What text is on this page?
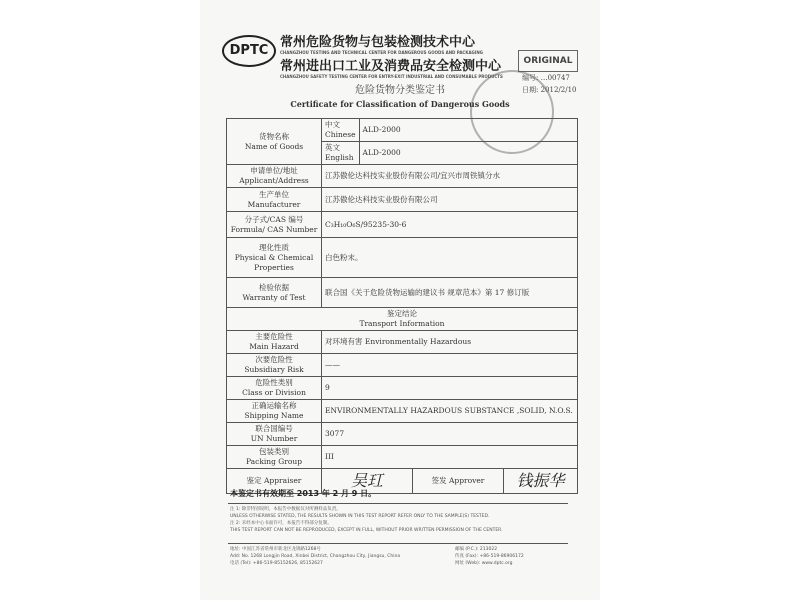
DPTC
常州危险货物与包装检测技术中心
CHANGZHOU TESTING AND TECHNICAL CENTER FOR DANGEROUS GOODS AND PACKAGING
常州进出口工业及消费品安全检测中心
CHANGZHOU SAFETY TESTING CENTER FOR ENTRY-EXIT INDUSTRIAL AND CONSUMABLE PRODUCTS
ORIGINAL
危险货物分类鉴定书
Certificate for Classification of Dangerous Goods
编号: …00747
日期: 2012/2/10
货物名称
Name of Goods	中文 Chinese	ALD-2000
	英文 English	ALD-2000

申请单位/地址
Applicant/Address	江苏傲伦达科技实业股份有限公司/宜兴市周铁镇分水	

生产单位
Manufacturer	江苏傲伦达科技实业股份有限公司	

分子式/CAS 编号
Formula/ CAS Number	C₃H₁₀O₆S/95235-30-6	

理化性质
Physical & Chemical Properties	白色粉末。	

检验依据
Warranty of Test	联合国《关于危险货物运输的建议书 规章范本》第 17 修订版	

鉴定结论
Transport Information		

主要危险性
Main Hazard	对环境有害 Environmentally Hazardous	

次要危险性
Subsidiary Risk	——	

危险性类别
Class or Division	9	

正确运输名称
Shipping Name	ENVIRONMENTALLY HAZARDOUS SUBSTANCE ,SOLID, N.O.S.	

联合国编号
UN Number	3077	

包装类别
Packing Group	III	
鉴定 Appraiser	吴玒 签发 Approver 钱振华	
本鉴定书有效期至 2013 年 2 月 9 日。
注 1: 除非特别说明，本报告中数据仅对所测样品负责。
UNLESS OTHERWISE STATED, THE RESULTS SHOWN IN THIS TEST REPORT REFER ONLY TO THE SAMPLE(S) TESTED.
注 2: 未经本中心书面许可，本报告不得部分复制。
THIS TEST REPORT CAN NOT BE REPRODUCED, EXCEPT IN FULL, WITHOUT PRIOR WRITTEN PERMISSION OF THE CENTER.
地址: 中国江苏省常州市新北区龙锦路1268号
Add: No. 1268 Longjin Road, Xinbei District, Changzhou City, Jiangsu, China
电话 (Tel): +86-519-85152626, 85152627
邮编 (P.C.): 213022
传真 (Fax): +86-519-86906172
网址 (Web): www.dptc.org
